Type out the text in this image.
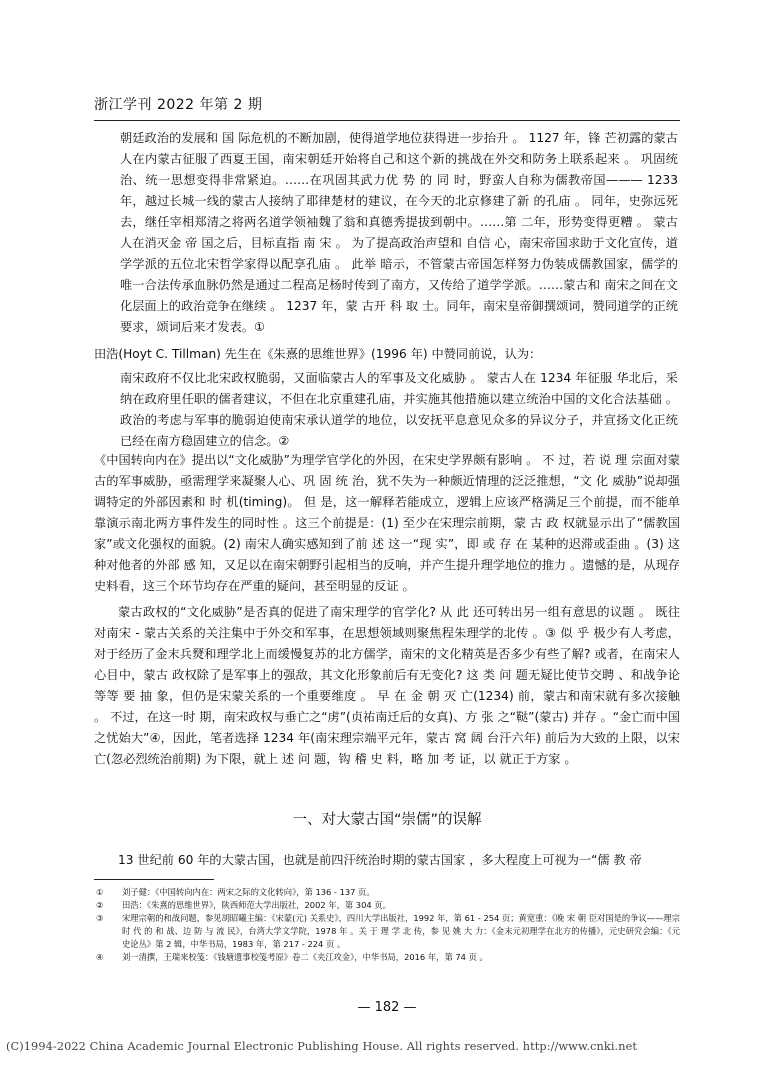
浙江学刊 2022 年第 2 期
朝廷政治的发展和 国 际危机的不断加剧，使得道学地位获得进一步抬升 。 1127 年，锋 芒初露的蒙古人在内蒙古征服了西夏王国，南宋朝廷开始将自己和这个新的挑战在外交和防务上联系起来 。 巩固统治、统一思想变得非常紧迫。……在巩固其武力优 势 的 同 时，野蛮人自称为儒教帝国——— 1233 年，越过长城一线的蒙古人接纳了耶律楚材的建议，在今天的北京修建了新 的孔庙 。 同年，史弥远死去，继任宰相郑清之将两名道学领袖魏了翁和真德秀提拔到朝中。……第 二年，形势变得更糟 。 蒙古人在消灭金 帝 国之后，目标直指 南 宋 。 为了提高政治声望和 自信 心，南宋帝国求助于文化宣传，道学学派的五位北宋哲学家得以配享孔庙 。 此举 暗示，不管蒙古帝国怎样努力伪装成儒教国家，儒学的唯一合法传承血脉仍然是通过二程高足杨时传到了南方，又传给了道学学派。……蒙古和 南宋之间在文化层面上的政治竞争在继续 。 1237 年，蒙 古开 科 取 士。同年，南宋皇帝御撰颂词，赞同道学的正统要求，颂词后来才发表。①
田浩(Hoyt C. Tillman) 先生在《朱熹的思维世界》(1996 年) 中赞同前说，认为：
南宋政府不仅比北宋政权脆弱，又面临蒙古人的军事及文化威胁 。 蒙古人在 1234 年征服 华北后，采纳在政府里任职的儒者建议，不但在北京重建孔庙，并实施其他措施以建立统治中国的文化合法基础 。 政治的考虑与军事的脆弱迫使南宋承认道学的地位，以安抚平息意见众多的异议分子，并宣扬文化正统已经在南方稳固建立的信念。②
《中国转向内在》提出以“文化威胁”为理学官学化的外因，在宋史学界颇有影响 。 不 过，若 说 理 宗面对蒙古的军事威胁，亟需理学来凝聚人心、巩 固 统 治，犹不失为一种颇近情理的泛泛推想，“文 化 威胁”说却强调特定的外部因素和 时 机(timing)。 但 是，这一解释若能成立，逻辑上应该严格满足三个前提，而不能单靠演示南北两方事件发生的同时性 。这三个前提是：(1) 至少在宋理宗前期，蒙 古 政 权就显示出了“儒教国家”或文化强权的面貌。(2) 南宋人确实感知到了前 述 这一“现 实”，即 或 存 在 某种的迟滞或歪曲 。(3) 这种对他者的外部 感 知，又足以在南宋朝野引起相当的反响，并产生提升理学地位的推力 。遗憾的是，从现存史料看，这三个环节均存在严重的疑问，甚至明显的反证 。
蒙古政权的“文化威胁”是否真的促进了南宋理学的官学化? 从 此 还可转出另一组有意思的议题 。 既往对南宋 - 蒙古关系的关注集中于外交和军事，在思想领域则聚焦程朱理学的北传 。③ 似 乎 极少有人考虑，对于经历了金末兵燹和理学北上而缓慢复苏的北方儒学，南宋的文化精英是否多少有些了解? 或者，在南宋人心目中，蒙古 政权除了是军事上的强敌，其文化形象前后有无变化? 这 类 问 题无疑比使节交聘 、和战争论等等 要 抽 象，但仍是宋蒙关系的一个重要维度 。 早 在 金 朝 灭 亡(1234) 前，蒙古和南宋就有多次接触 。 不过，在这一时 期，南宋政权与垂亡之“虏”(贞祐南迁后的女真)、方 张 之“鞑”(蒙古) 并存 。“金亡而中国之忧始大”④，因此，笔者选择 1234 年(南宋理宗端平元年，蒙古 窝 阔 台汗六年) 前后为大致的上限，以宋亡(忽必烈统治前期) 为下限，就上 述 问 题，钩 稽 史 料，略 加 考 证，以 就正于方家 。
一、对大蒙古国“崇儒”的误解
13 世纪前 60 年的大蒙古国，也就是前四汗统治时期的蒙古国家 ，多大程度上可视为一“儒 教 帝
①	刘子健：《中国转向内在：两宋之际的文化转向》，第 136 - 137 页。
②	田浩：《朱熹的思维世界》，陕西师范大学出版社，2002 年，第 304 页。
③	宋理宗朝的和战问题，参见胡昭曦主编：《宋蒙(元) 关系史》，四川大学出版社，1992 年，第 61 - 254 页；黄宽重：《晚 宋 朝 臣对国是的争议——理宗时 代 的 和 战、边 防 与 流 民》，台湾大学文学院，1978 年 。关 于 理 学 北 传，参 见 姚 大 力：《金末元初理学在北方的传播》，元史研究会编：《元史论丛》第 2 辑，中华书局，1983 年，第 217 - 224 页 。
④	刘一清撰，王瑞来校笺：《钱塘遗事校笺考原》卷二《夹江攻金》，中华书局，2016 年，第 74 页 。
— 182 —
(C)1994-2022 China Academic Journal Electronic Publishing House. All rights reserved. http://www.cnki.net
